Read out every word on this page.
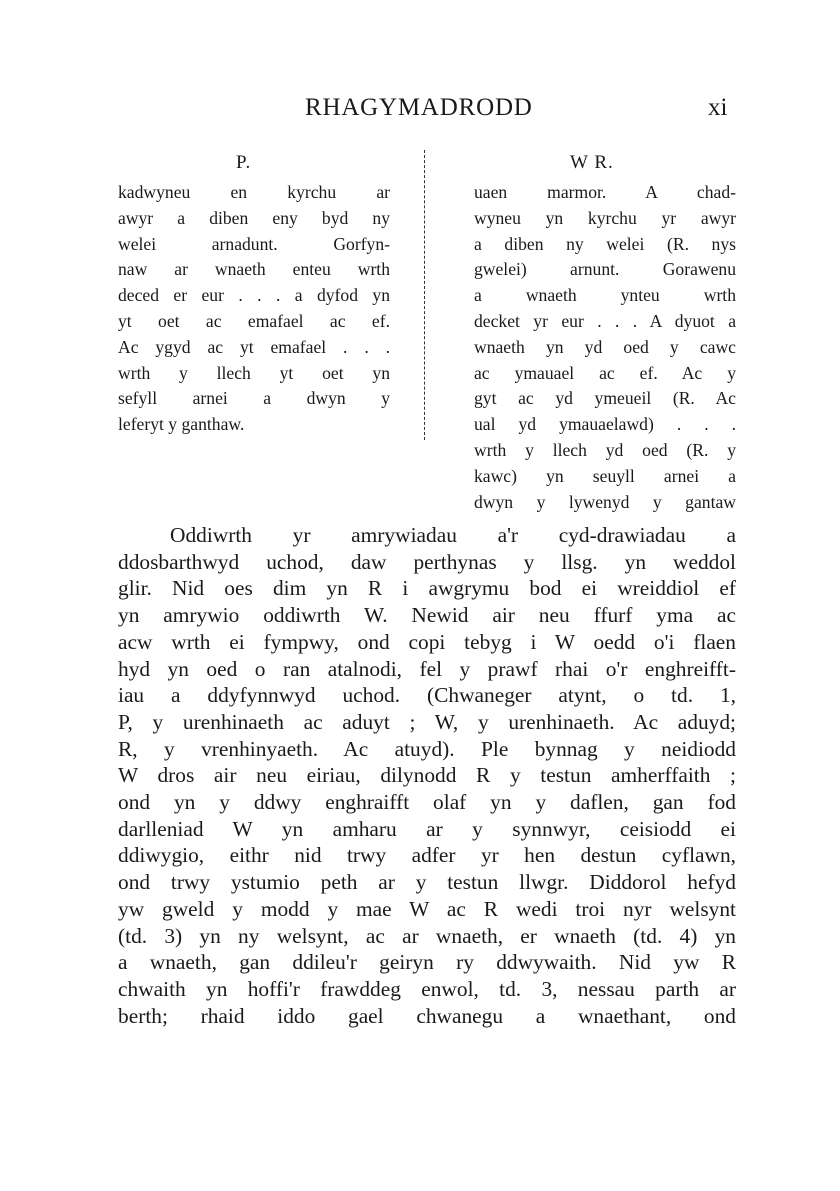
RHAGYMADRODD	xi
P.	W R.
kadwyneu en kyrchu ar
awyr a diben eny byd ny
welei arnadunt. Gorfyn-
naw ar wnaeth enteu wrth
deced er eur . . . a dyfod yn
yt oet ac emafael ac ef.
Ac ygyd ac yt emafael . . .
wrth y llech yt oet yn
sefyll arnei a dwyn y
leferyt y ganthaw.
uaen marmor. A chad-
wyneu yn kyrchu yr awyr
a diben ny welei (R. nys
gwelei) arnunt. Gorawenu
a wnaeth ynteu wrth
decket yr eur . . . A dyuot a
wnaeth yn yd oed y cawc
ac ymauael ac ef. Ac y
gyt ac yd ymeueil (R. Ac
ual yd ymauaelawd) . . .
wrth y llech yd oed (R. y
kawc) yn seuyll arnei a
dwyn y lywenyd y gantaw
Oddiwrth yr amrywiadau a'r cyd-drawiadau a
ddosbarthwyd uchod, daw perthynas y llsg. yn weddol
glir. Nid oes dim yn R i awgrymu bod ei wreiddiol ef
yn amrywio oddiwrth W. Newid air neu ffurf yma ac
acw wrth ei fympwy, ond copi tebyg i W oedd o'i flaen
hyd yn oed o ran atalnodi, fel y prawf rhai o'r enghreifft-
iau a ddyfynnwyd uchod. (Chwaneger atynt, o td. 1,
P, y urenhinaeth ac aduyt ; W, y urenhinaeth. Ac aduyd;
R, y vrenhinyaeth. Ac atuyd). Ple bynnag y neidiodd
W dros air neu eiriau, dilynodd R y testun amherffaith ;
ond yn y ddwy enghraifft olaf yn y daflen, gan fod
darlleniad W yn amharu ar y synnwyr, ceisiodd ei
ddiwygio, eithr nid trwy adfer yr hen destun cyflawn,
ond trwy ystumio peth ar y testun llwgr. Diddorol hefyd
yw gweld y modd y mae W ac R wedi troi nyr welsynt
(td. 3) yn ny welsynt, ac ar wnaeth, er wnaeth (td. 4) yn
a wnaeth, gan ddileu'r geiryn ry ddwywaith. Nid yw R
chwaith yn hoffi'r frawddeg enwol, td. 3, nessau parth ar
berth; rhaid iddo gael chwanegu a wnaethant, ond
